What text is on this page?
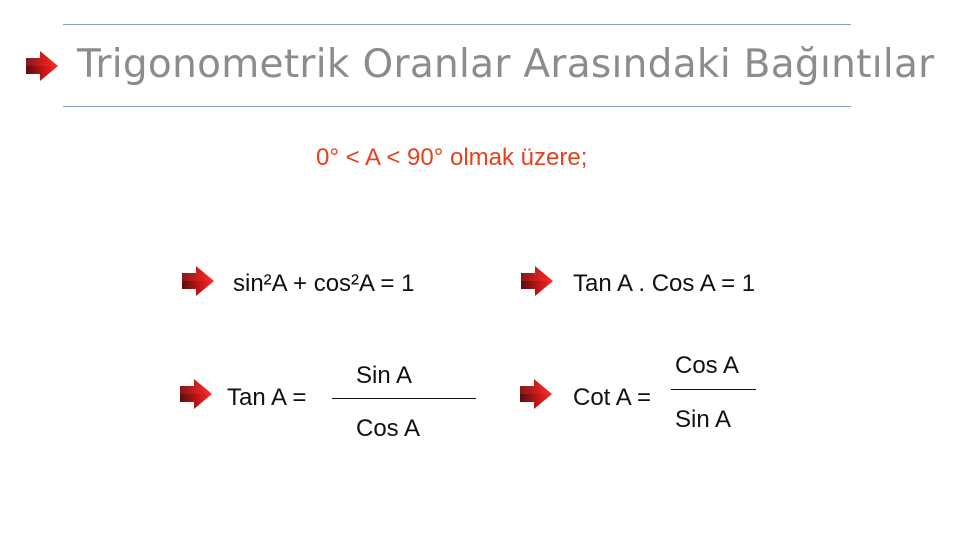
Trigonometrik Oranlar Arasındaki Bağıntılar
0° < A < 90° olmak üzere;
sin²A + cos²A = 1	Tan A . Cos A = 1
Tan A =
Sin A
Cos A
Cot A =
Cos A
Sin A
